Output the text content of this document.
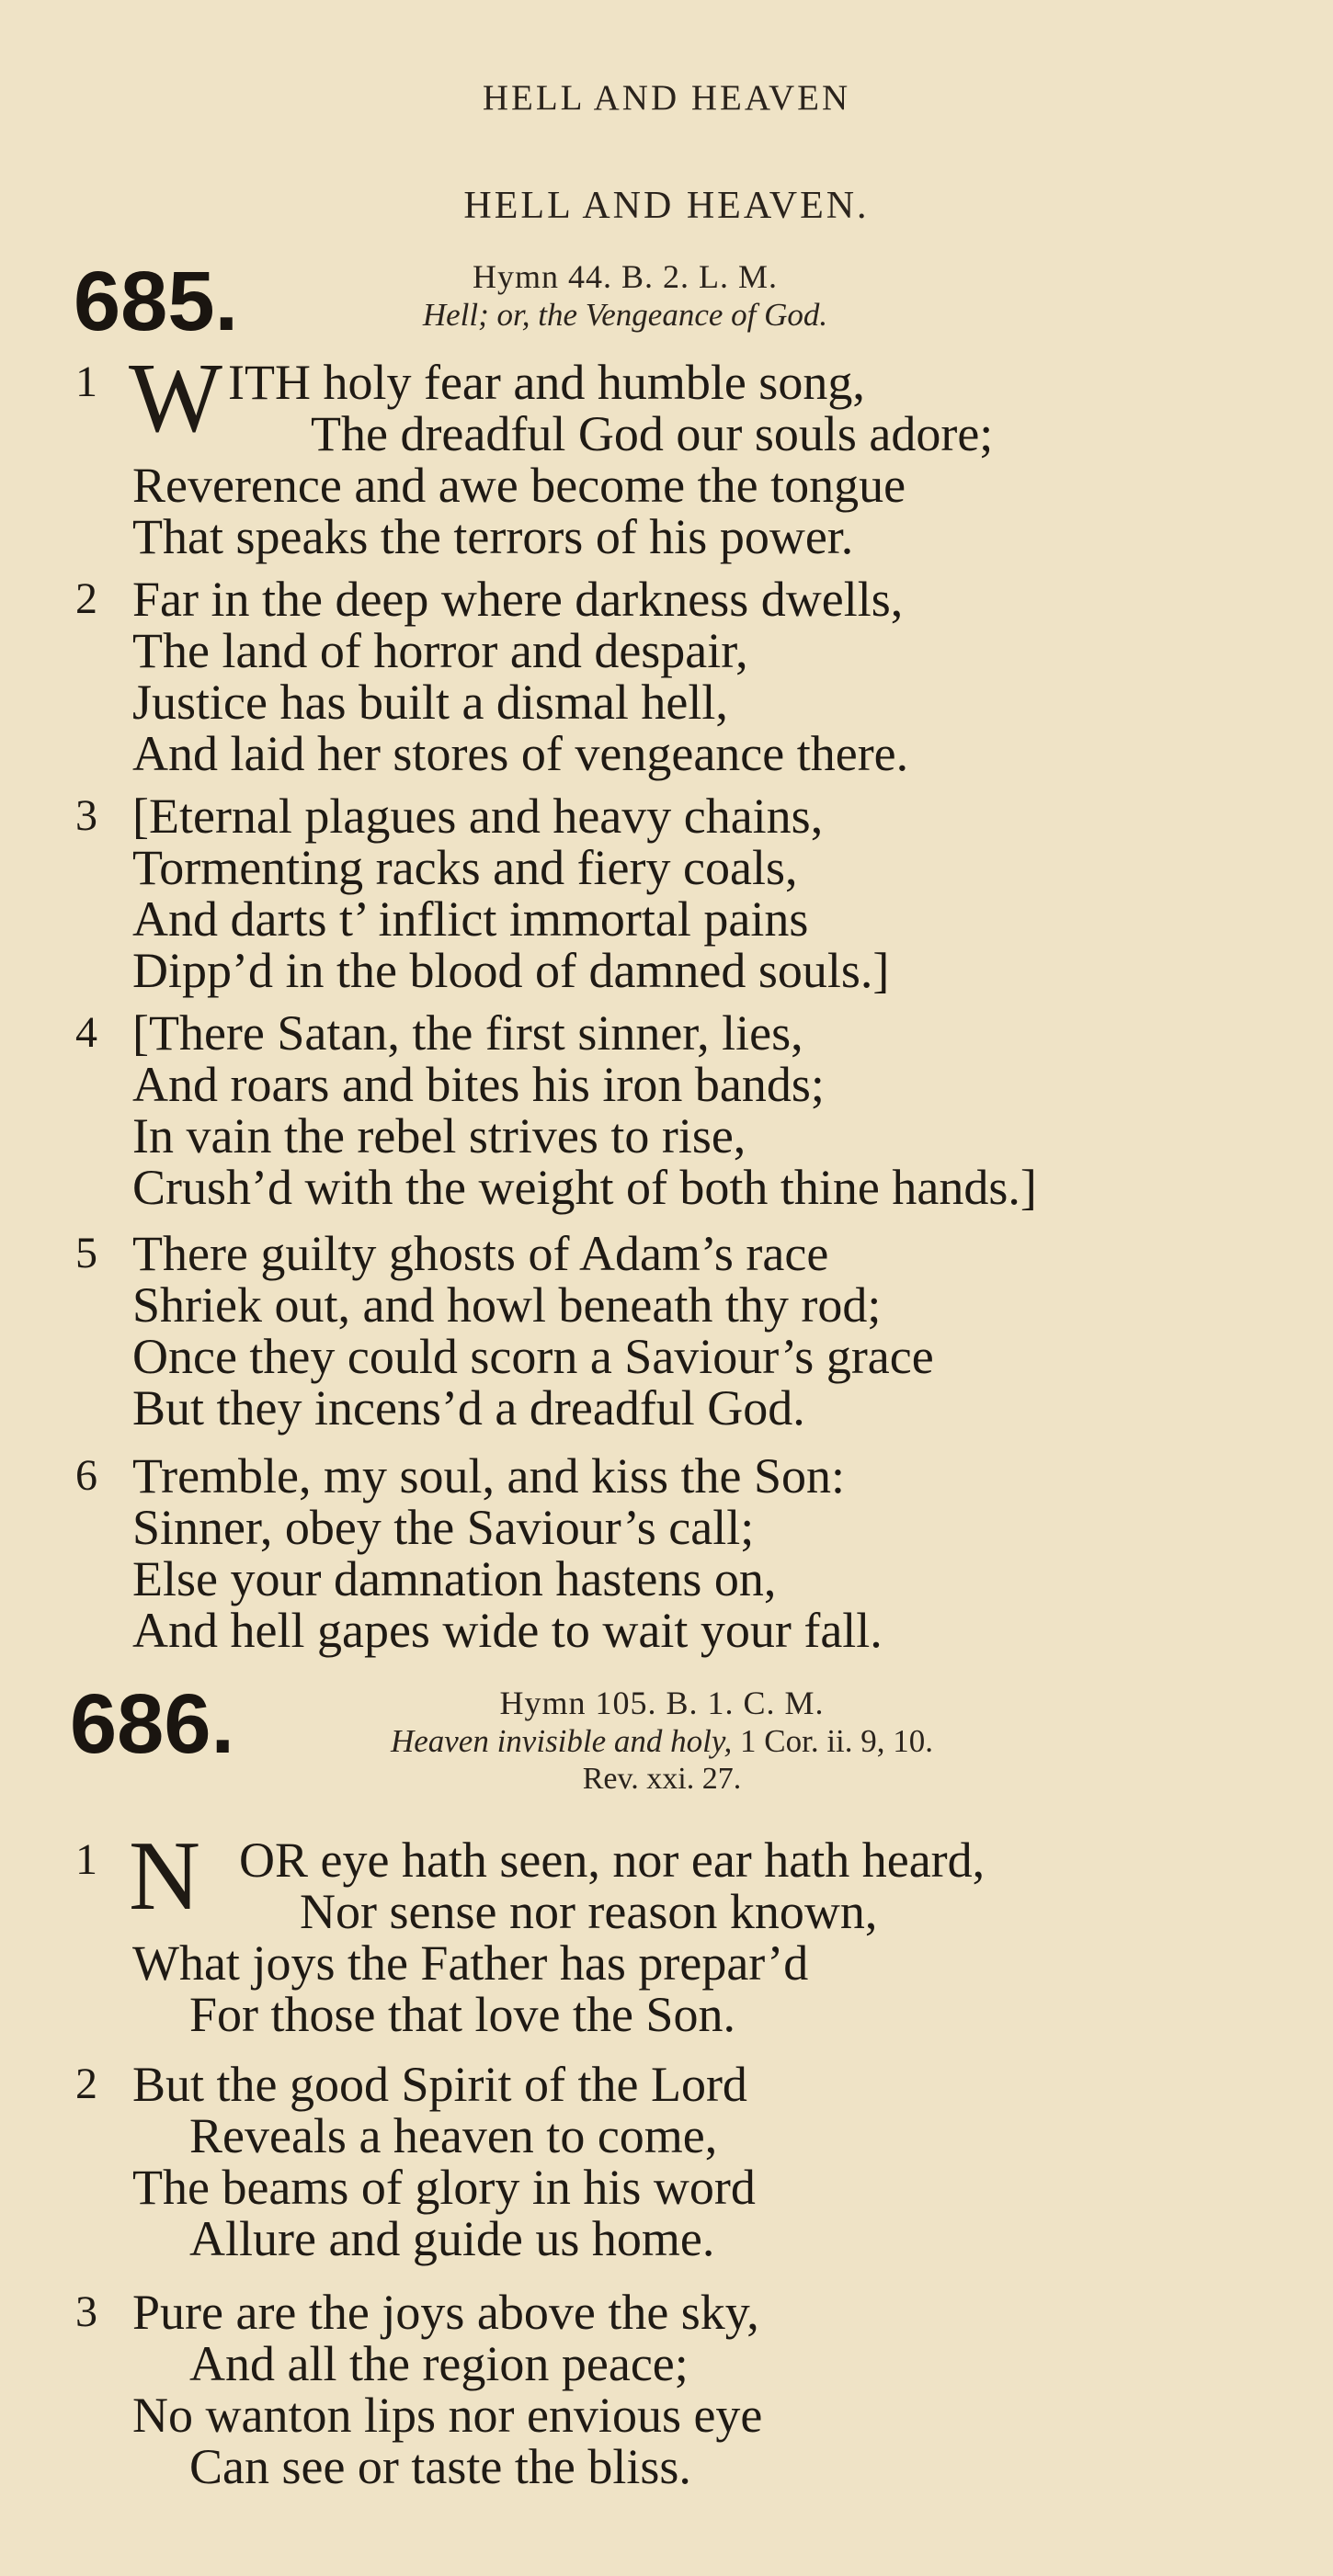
HELL AND HEAVEN
HELL AND HEAVEN.
685.	Hymn 44. B. 2. L. M.
Hell; or, the Vengeance of God.
1 W ITH holy fear and humble song,
The dreadful God our souls adore;
Reverence and awe become the tongue
That speaks the terrors of his power.
2 Far in the deep where darkness dwells,
The land of horror and despair,
Justice has built a dismal hell,
And laid her stores of vengeance there.
3 [Eternal plagues and heavy chains,
Tormenting racks and fiery coals,
And darts t’ inflict immortal pains
Dipp’d in the blood of damned souls.]
4 [There Satan, the first sinner, lies,
And roars and bites his iron bands;
In vain the rebel strives to rise,
Crush’d with the weight of both thine hands.]
5 There guilty ghosts of Adam’s race
Shriek out, and howl beneath thy rod;
Once they could scorn a Saviour’s grace
But they incens’d a dreadful God.
6 Tremble, my soul, and kiss the Son:
Sinner, obey the Saviour’s call;
Else your damnation hastens on,
And hell gapes wide to wait your fall.
686.	Hymn 105. B. 1. C. M.
Heaven invisible and holy, 1 Cor. ii. 9, 10.
Rev. xxi. 27.
1 N OR eye hath seen, nor ear hath heard,
Nor sense nor reason known,
What joys the Father has prepar’d
For those that love the Son.
2 But the good Spirit of the Lord
Reveals a heaven to come,
The beams of glory in his word
Allure and guide us home.
3 Pure are the joys above the sky,
And all the region peace;
No wanton lips nor envious eye
Can see or taste the bliss.
